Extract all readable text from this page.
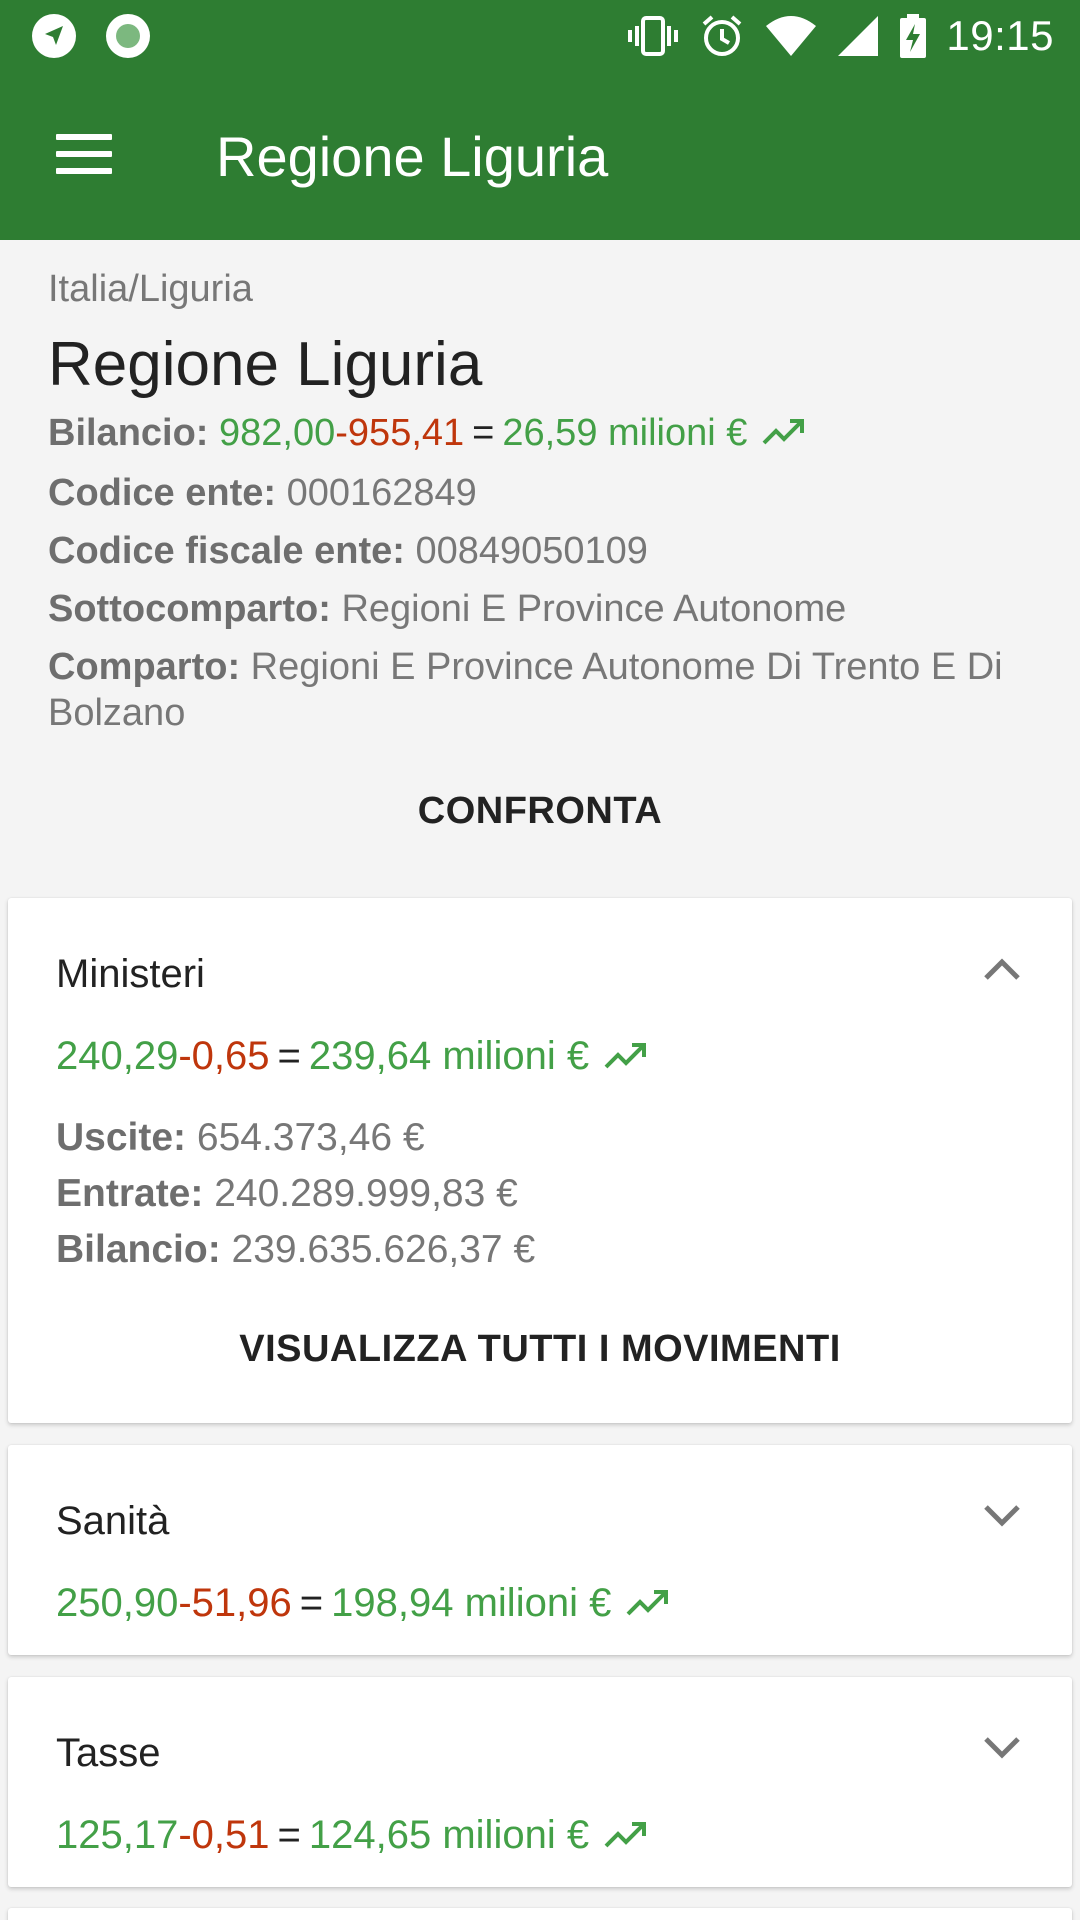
19:15
Regione Liguria
Italia/Liguria
Regione Liguria
Bilancio: 982,00-955,41 = 26,59 milioni €
Codice ente: 000162849
Codice fiscale ente: 00849050109
Sottocomparto: Regioni E Province Autonome
Comparto: Regioni E Province Autonome Di Trento E Di Bolzano
CONFRONTA
Ministeri
240,29-0,65 = 239,64 milioni €
Uscite: 654.373,46 €
Entrate: 240.289.999,83 €
Bilancio: 239.635.626,37 €
VISUALIZZA TUTTI I MOVIMENTI
Sanità
250,90-51,96 = 198,94 milioni €
Tasse
125,17-0,51 = 124,65 milioni €
